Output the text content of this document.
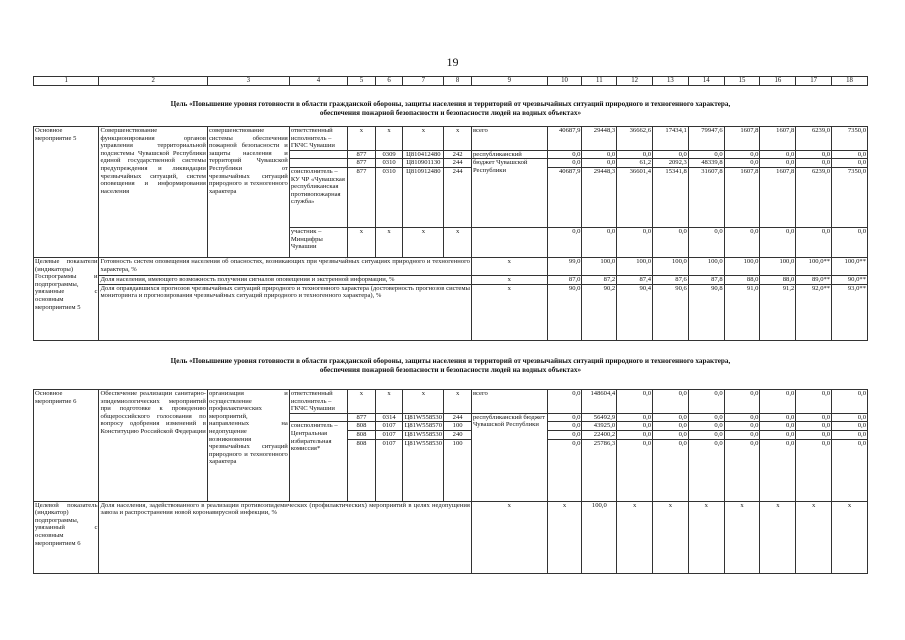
19
1	2	3	4	5	6	7	8	9	10	11	12	13	14	15	16	17	18
Цель «Повышение уровня готовности в области гражданской обороны, защиты населения и территорий от чрезвычайных ситуаций природного и техногенного характера,
обеспечения пожарной безопасности и безопасности людей на водных объектах»
Основное мероприятие 5	Совершенствование функционирования органов управления территориальной подсистемы Чувашской Республики единой государственной системы предупреждения и ликвидации чрезвычайных ситуаций, систем оповещения и информирования населения	совершенствование системы обеспечения пожарной безопасности и защиты населения и территорий Чувашской Республики от чрезвычайных ситуаций природного и техногенного характера	ответственный исполнитель – ГКЧС Чувашии	x	x	x	x	всего	40687,9	29448,3	36662,6	17434,1	79947,6	1607,8	1607,8	6239,0	7350,0
				877	0309	Ц810412480	242	республиканский	0,0	0,0	0,0	0,0	0,0	0,0	0,0	0,0	0,0
				877	0310	Ц810901130	244	бюджет Чувашской Республики	0,0	0,0	61,2	2092,3	48339,8	0,0	0,0	0,0	0,0
			соисполнитель – КУ ЧР «Чувашская республиканская противопожарная служба»	877	0310	Ц810912480	244		40687,9	29448,3	36601,4	15341,8	31607,8	1607,8	1607,8	6239,0	7350,0
			участник – Минцифры Чувашии	x	x	x	x		0,0	0,0	0,0	0,0	0,0	0,0	0,0	0,0	0,0
Целевые показатели (индикаторы) Госпрограммы и подпрограммы, увязанные с основным мероприятием 5	Готовность систем оповещения населения об опасностях, возникающих при чрезвычайных ситуациях природного и техногенного характера, %							x	99,0	100,0	100,0	100,0	100,0	100,0	100,0	100,0**	100,0**
	Доля населения, имеющего возможность получения сигналов оповещения и экстренной информации, %							x	87,0	87,2	87,4	87,6	87,8	88,0	88,0	89,0**	90,0**
	Доля оправдавшихся прогнозов чрезвычайных ситуаций природного и техногенного характера (достоверность прогнозов системы мониторинга и прогнозирования чрезвычайных ситуаций природного и техногенного характера), %							x	90,0	90,2	90,4	90,6	90,8	91,0	91,2	92,0**	93,0**
Цель «Повышение уровня готовности в области гражданской обороны, защиты населения и территорий от чрезвычайных ситуаций природного и техногенного характера,
обеспечения пожарной безопасности и безопасности людей на водных объектах»
Основное мероприятие 6	Обеспечение реализации санитарно-эпидемиологических мероприятий при подготовке к проведению общероссийского голосования по вопросу одобрения изменений в Конституцию Российской Федерации	организация и осуществление профилактических мероприятий, направленных на недопущение возникновения чрезвычайных ситуаций природного и техногенного характера	ответственный исполнитель – ГКЧС Чувашии	x	x	x	x	всего	0,0	148604,4	0,0	0,0	0,0	0,0	0,0	0,0	0,0
				877	0314	Ц81W558530	244	республиканский бюджет Чувашской Республики	0,0	56492,9	0,0	0,0	0,0	0,0	0,0	0,0	0,0
			соисполнитель – Центральная избирательная комиссия*	808	0107	Ц81W558570	100		0,0	43925,0	0,0	0,0	0,0	0,0	0,0	0,0	0,0
				808	0107	Ц81W558530	240		0,0	22400,2	0,0	0,0	0,0	0,0	0,0	0,0	0,0
				808	0107	Ц81W558530	100		0,0	25786,3	0,0	0,0	0,0	0,0	0,0	0,0	0,0
Целевой показатель (индикатор) подпрограммы, увязанный с основным мероприятием 6	Доля населения, задействованного в реализации противоэпидемических (профилактических) мероприятий в целях недопущения завоза и распространения новой коронавирусной инфекции, %							x	x	100,0	x	x	x	x	x	x	x
